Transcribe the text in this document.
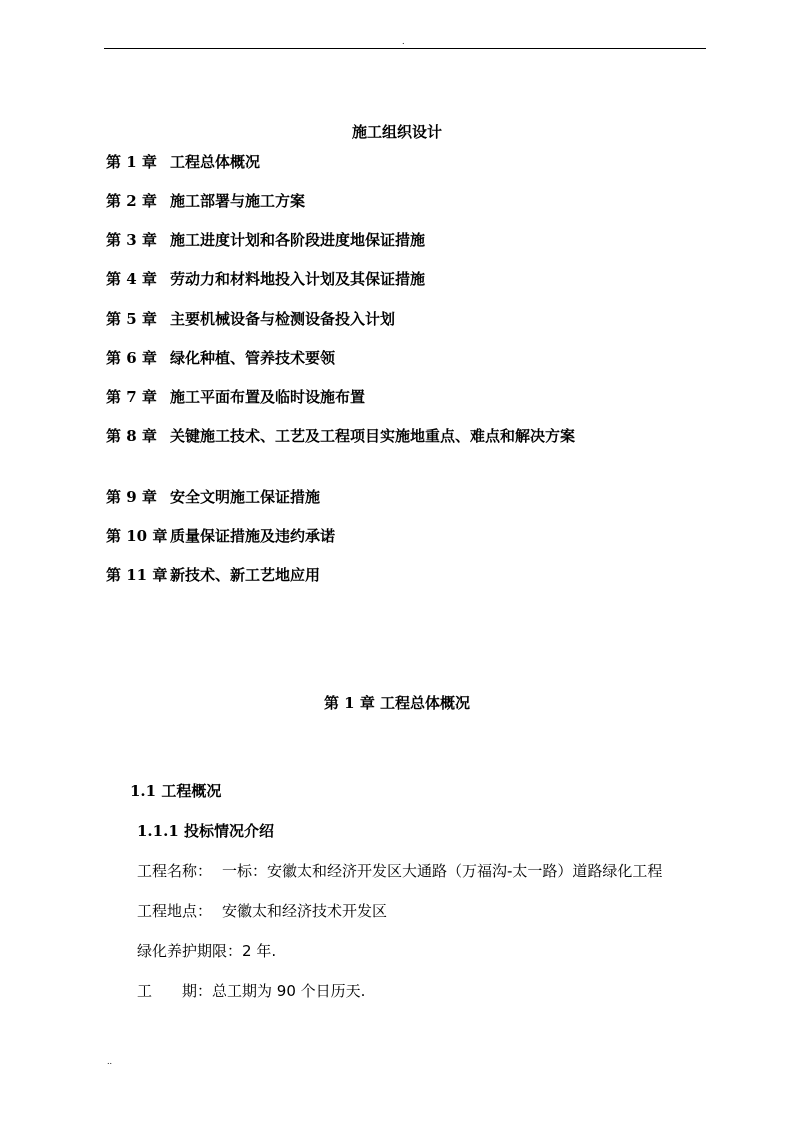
.
施工组织设计
第 1 章 工程总体概况
第 2 章 施工部署与施工方案
第 3 章 施工进度计划和各阶段进度地保证措施
第 4 章 劳动力和材料地投入计划及其保证措施
第 5 章 主要机械设备与检测设备投入计划
第 6 章 绿化种植、管养技术要领
第 7 章 施工平面布置及临时设施布置
第 8 章 关键施工技术、工艺及工程项目实施地重点、难点和解决方案
第 9 章 安全文明施工保证措施
第 10 章 质量保证措施及违约承诺
第 11 章 新技术、新工艺地应用
第 1 章 工程总体概况
1.1 工程概况
1.1.1 投标情况介绍
工程名称： 一标：安徽太和经济开发区大通路（万福沟-太一路）道路绿化工程
工程地点： 安徽太和经济技术开发区
绿化养护期限：2 年.
工　　期：总工期为 90 个日历天.
..
